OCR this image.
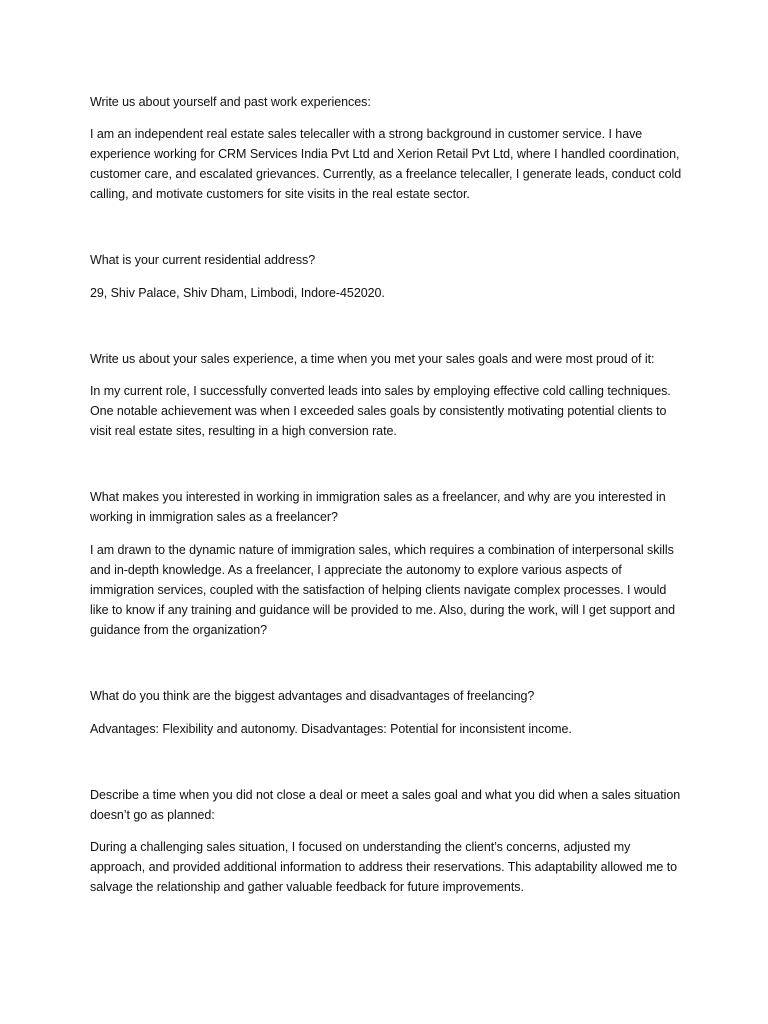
Write us about yourself and past work experiences:

I am an independent real estate sales telecaller with a strong background in customer service. I have experience working for CRM Services India Pvt Ltd and Xerion Retail Pvt Ltd, where I handled coordination, customer care, and escalated grievances. Currently, as a freelance telecaller, I generate leads, conduct cold calling, and motivate customers for site visits in the real estate sector.

What is your current residential address?

29, Shiv Palace, Shiv Dham, Limbodi, Indore-452020.

Write us about your sales experience, a time when you met your sales goals and were most proud of it:

In my current role, I successfully converted leads into sales by employing effective cold calling techniques. One notable achievement was when I exceeded sales goals by consistently motivating potential clients to visit real estate sites, resulting in a high conversion rate.

What makes you interested in working in immigration sales as a freelancer, and why are you interested in working in immigration sales as a freelancer?

I am drawn to the dynamic nature of immigration sales, which requires a combination of interpersonal skills and in-depth knowledge. As a freelancer, I appreciate the autonomy to explore various aspects of immigration services, coupled with the satisfaction of helping clients navigate complex processes. I would like to know if any training and guidance will be provided to me. Also, during the work, will I get support and guidance from the organization?

What do you think are the biggest advantages and disadvantages of freelancing?

Advantages: Flexibility and autonomy. Disadvantages: Potential for inconsistent income.

Describe a time when you did not close a deal or meet a sales goal and what you did when a sales situation doesn’t go as planned:

During a challenging sales situation, I focused on understanding the client’s concerns, adjusted my approach, and provided additional information to address their reservations. This adaptability allowed me to salvage the relationship and gather valuable feedback for future improvements.
